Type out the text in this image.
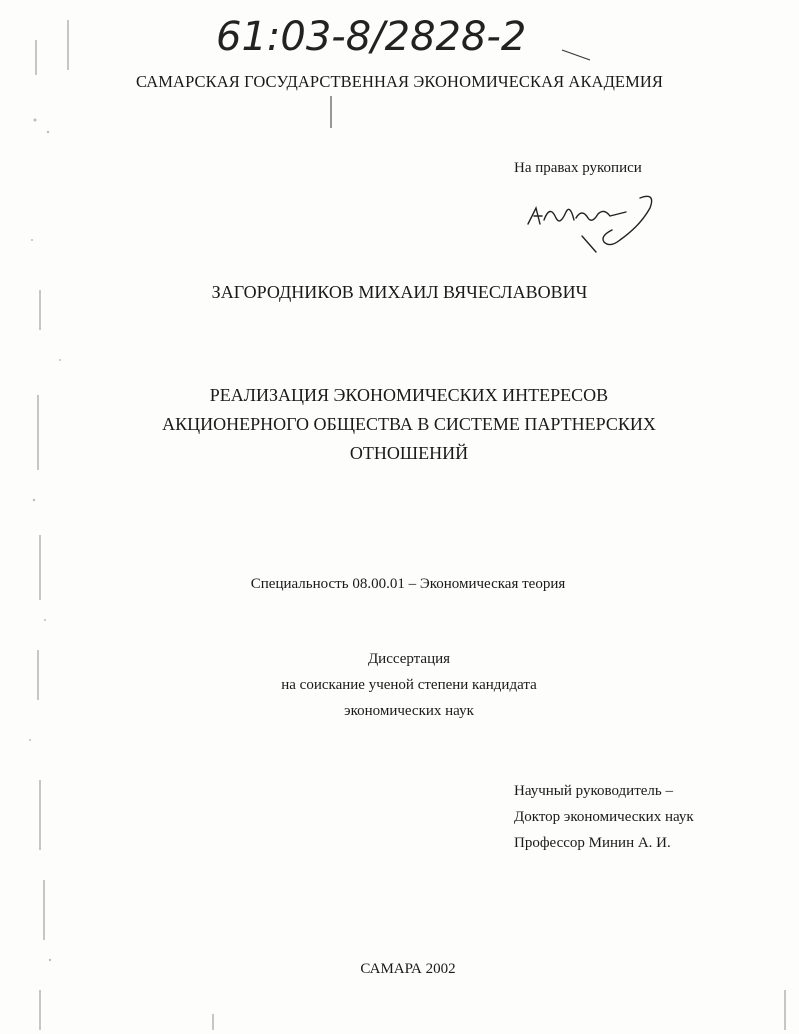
61:03-8/2828-2
САМАРСКАЯ ГОСУДАРСТВЕННАЯ ЭКОНОМИЧЕСКАЯ АКАДЕМИЯ
На правах рукописи
ЗАГОРОДНИКОВ МИХАИЛ ВЯЧЕСЛАВОВИЧ
РЕАЛИЗАЦИЯ ЭКОНОМИЧЕСКИХ ИНТЕРЕСОВ
АКЦИОНЕРНОГО ОБЩЕСТВА В СИСТЕМЕ ПАРТНЕРСКИХ
ОТНОШЕНИЙ
Специальность 08.00.01 – Экономическая теория
Диссертация
на соискание ученой степени кандидата
экономических наук
Научный руководитель –
Доктор экономических наук
Профессор Минин А. И.
САМАРА 2002
